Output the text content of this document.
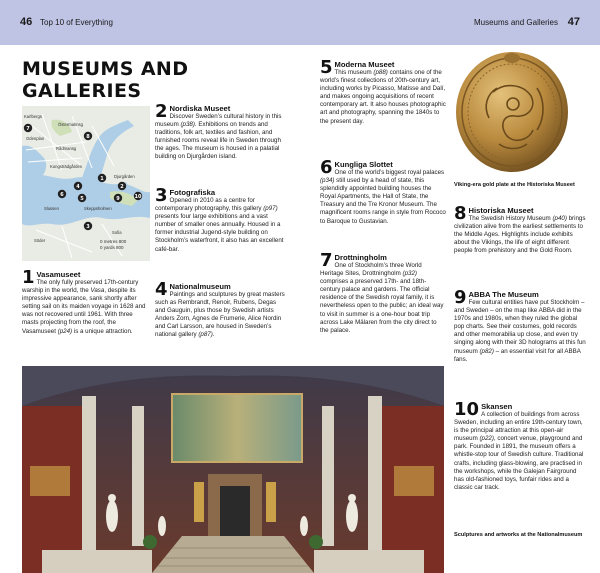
46 Top 10 of Everything	Museums and Galleries 47
MUSEUMS AND
GALLERIES
1
2
3
4
5
6
7
8
9	10
Karlbergs
Odenplan
Östermalmsg
Rådmansg
Kungsträdgården
Slussen	Skeppsholmen
Djurgården
Söder
Sofia
0 metres 800
0 yards 800
1 Vasamuseet
The only fully preserved 17th-century warship in the world, the Vasa, despite its impressive appearance, sank shortly after setting sail on its maiden voyage in 1628 and was not recovered until 1961. With three masts projecting from the roof, the Vasamuseet (p24) is a unique attraction.
2 Nordiska Museet
Discover Sweden’s cultural history in this museum (p38). Exhibitions on trends and traditions, folk art, textiles and fashion, and furnished rooms reveal life in Sweden through the ages. The museum is housed in a palatial building on Djurgården island.
3 Fotografiska
Opened in 2010 as a centre for contemporary photography, this gallery (p97) presents four large exhibitions and a vast number of smaller ones annually. Housed in a former industrial Jugend-style building on Stockholm’s waterfront, it also has an excellent café-bar.
4 Nationalmuseum
Paintings and sculptures by great masters such as Rembrandt, Renoir, Rubens, Degas and Gauguin, plus those by Swedish artists Anders Zorn, Agnes de Frumerie, Alice Nordin and Carl Larsson, are housed in Sweden’s national gallery (p87).
5 Moderna Museet
This museum (p88) contains one of the world’s finest collections of 20th-century art, including works by Picasso, Matisse and Dalí, and makes ongoing acquisitions of recent contemporary art. It also houses photographic art and photography, spanning the 1840s to the present day.
6 Kungliga Slottet
One of the world’s biggest royal palaces (p34) still used by a head of state, this splendidly appointed building houses the Royal Apartments, the Hall of State, the Treasury and the Tre Kronor Museum. The magnificent rooms range in style from Rococo to Baroque to Gustavian.
7 Drottningholm
One of Stockholm’s three World Heritage Sites, Drottningholm (p32) comprises a preserved 17th- and 18th-century palace and gardens. The official residence of the Swedish royal family, it is nevertheless open to the public; an ideal way to visit in summer is a one-hour boat trip across Lake Mälaren from the city direct to the palace.
Viking-era gold plate at the Historiska Museet
8 Historiska Museet
The Swedish History Museum (p40) brings civilization alive from the earliest settlements to the Middle Ages. Highlights include exhibits about the Vikings, the life of eight different people from prehistory and the Gold Room.
9 ABBA The Museum
Few cultural entities have put Stockholm – and Sweden – on the map like ABBA did in the 1970s and 1980s, when they ruled the global pop charts. See their costumes, gold records and other memorabilia up close, and even try singing along with their 3D holograms at this fun museum (p82) – an essential visit for all ABBA fans.
10 Skansen
A collection of buildings from across Sweden, including an entire 19th-century town, is the principal attraction at this open-air museum (p22), concert venue, playground and park. Founded in 1891, the museum offers a whistle-stop tour of Swedish culture. Traditional crafts, including glass-blowing, are practised in the workshops, while the Galejan Fairground has old-fashioned toys, funfair rides and a classic car track.
Sculptures and artworks at the Nationalmuseum
